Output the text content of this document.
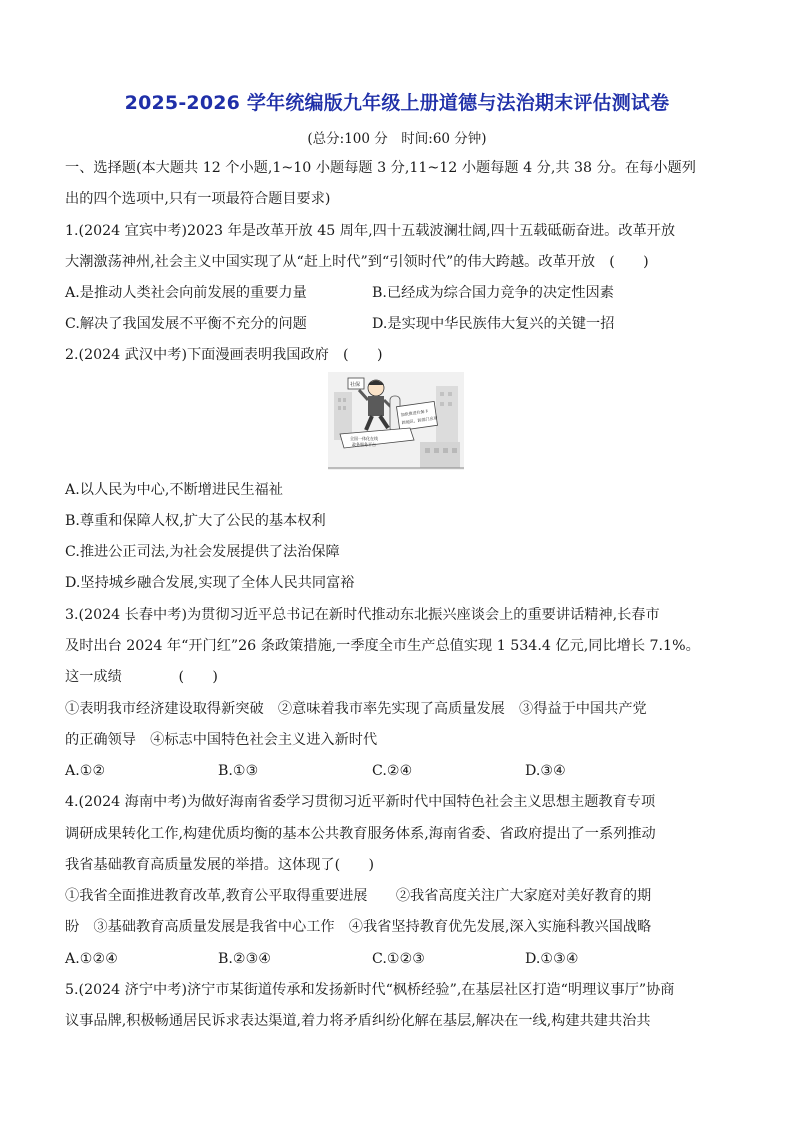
2025-2026 学年统编版九年级上册道德与法治期末评估测试卷
(总分:100 分　时间:60 分钟)
一、选择题(本大题共 12 个小题,1~10 小题每题 3 分,11~12 小题每题 4 分,共 38 分。在每小题列
出的四个选项中,只有一项最符合题目要求)
1.(2024 宜宾中考)2023 年是改革开放 45 周年,四十五载波澜壮阔,四十五载砥砺奋进。改革开放
大潮激荡神州,社会主义中国实现了从“赶上时代”到“引领时代”的伟大跨越。改革开放　(　　)
A.是推动人类社会向前发展的重要力量	B.已经成为综合国力竞争的决定性因素
C.解决了我国发展不平衡不充分的问题	D.是实现中华民族伟大复兴的关键一招
2.(2024 武汉中考)下面漫画表明我国政府　(　　)
社保
加快推进社保卡
跨地区、跨部门应用
全国一体化在线
政务服务平台
A.以人民为中心,不断增进民生福祉
B.尊重和保障人权,扩大了公民的基本权利
C.推进公正司法,为社会发展提供了法治保障
D.坚持城乡融合发展,实现了全体人民共同富裕
3.(2024 长春中考)为贯彻习近平总书记在新时代推动东北振兴座谈会上的重要讲话精神,长春市
及时出台 2024 年“开门红”26 条政策措施,一季度全市生产总值实现 1 534.4 亿元,同比增长 7.1%。
这一成绩　　　　(　　)
①表明我市经济建设取得新突破　②意味着我市率先实现了高质量发展　③得益于中国共产党
的正确领导　④标志中国特色社会主义进入新时代
A.①②	B.①③	C.②④	D.③④
4.(2024 海南中考)为做好海南省委学习贯彻习近平新时代中国特色社会主义思想主题教育专项
调研成果转化工作,构建优质均衡的基本公共教育服务体系,海南省委、省政府提出了一系列推动
我省基础教育高质量发展的举措。这体现了(　　)
①我省全面推进教育改革,教育公平取得重要进展　　②我省高度关注广大家庭对美好教育的期
盼　③基础教育高质量发展是我省中心工作　④我省坚持教育优先发展,深入实施科教兴国战略
A.①②④	B.②③④	C.①②③	D.①③④
5.(2024 济宁中考)济宁市某街道传承和发扬新时代“枫桥经验”,在基层社区打造“明理议事厅”协商
议事品牌,积极畅通居民诉求表达渠道,着力将矛盾纠纷化解在基层,解决在一线,构建共建共治共
